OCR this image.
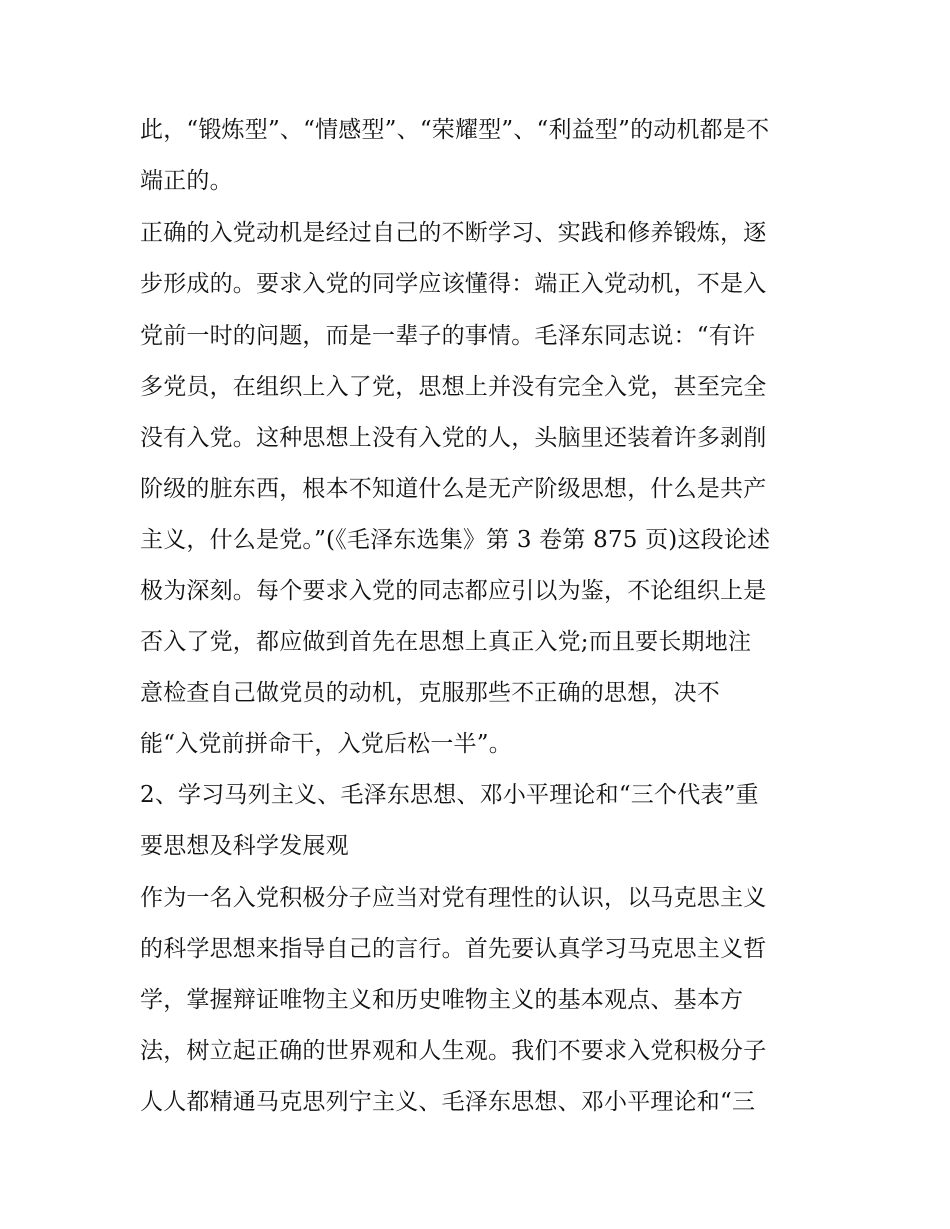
此，“锻炼型”、“情感型”、“荣耀型”、“利益型”的动机都是不
端正的。
正确的入党动机是经过自己的不断学习、实践和修养锻炼，逐
步形成的。要求入党的同学应该懂得：端正入党动机，不是入
党前一时的问题，而是一辈子的事情。毛泽东同志说：“有许
多党员，在组织上入了党，思想上并没有完全入党，甚至完全
没有入党。这种思想上没有入党的人，头脑里还装着许多剥削
阶级的脏东西，根本不知道什么是无产阶级思想，什么是共产
主义，什么是党。”(《毛泽东选集》第 3 卷第 875 页)这段论述
极为深刻。每个要求入党的同志都应引以为鉴，不论组织上是
否入了党，都应做到首先在思想上真正入党;而且要长期地注
意检查自己做党员的动机，克服那些不正确的思想，决不
能“入党前拼命干，入党后松一半”。
2、学习马列主义、毛泽东思想、邓小平理论和“三个代表”重
要思想及科学发展观
作为一名入党积极分子应当对党有理性的认识，以马克思主义
的科学思想来指导自己的言行。首先要认真学习马克思主义哲
学，掌握辩证唯物主义和历史唯物主义的基本观点、基本方
法，树立起正确的世界观和人生观。我们不要求入党积极分子
人人都精通马克思列宁主义、毛泽东思想、邓小平理论和“三
